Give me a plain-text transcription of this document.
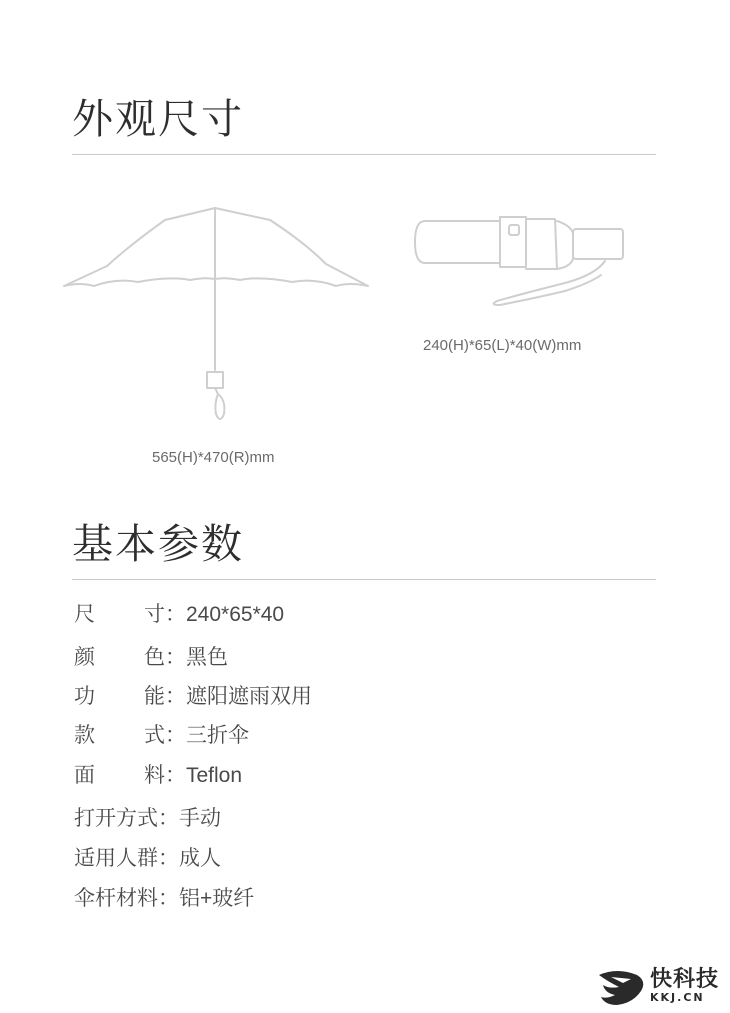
外观尺寸
565(H)*470(R)mm
240(H)*65(L)*40(W)mm
基本参数
尺 寸：240*65*40
颜 色：黑色
功 能：遮阳遮雨双用
款 式：三折伞
面 料：Teflon
打开方式：手动
适用人群：成人
伞杆材料：铝+玻纤
快科技
KKJ.CN
